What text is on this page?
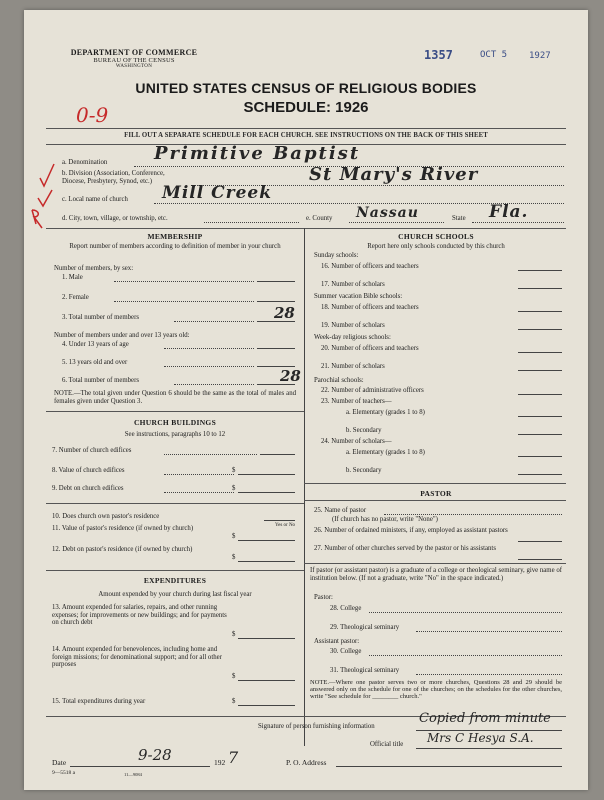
DEPARTMENT OF COMMERCE
BUREAU OF THE CENSUS
WASHINGTON
1357	OCT 5 1927
UNITED STATES CENSUS OF RELIGIOUS BODIES
SCHEDULE: 1926
0-9
FILL OUT A SEPARATE SCHEDULE FOR EACH CHURCH. SEE INSTRUCTIONS ON THE BACK OF THIS SHEET
a. Denomination	Primitive Baptist
b. Division (Association, Conference, Diocese, Presbytery, Synod, etc.)	St Mary's River
c. Local name of church Mill Creek
d. City, town, village, or township, etc.	e. County Nassau	State Fla.
MEMBERSHIP
Report number of members according to definition of member in your church
Number of members, by sex:
1. Male
2. Female
3. Total number of members	28
Number of members under and over 13 years old:
4. Under 13 years of age
5. 13 years old and over
6. Total number of members	28
NOTE.—The total given under Question 6 should be the same as the total of males and females given under Question 3.
CHURCH BUILDINGS
See instructions, paragraphs 10 to 12
7. Number of church edifices
8. Value of church edifices	$
9. Debt on church edifices	$
10. Does church own pastor's residence
Yes or No
11. Value of pastor's residence (if owned by church)
$
12. Debt on pastor's residence (if owned by church)
$
EXPENDITURES
Amount expended by your church during last fiscal year
13. Amount expended for salaries, repairs, and other running expenses; for improvements or new buildings; and for payments on church debt
$
14. Amount expended for benevolences, including home and foreign missions; for denominational support; and for all other purposes
$
15. Total expenditures during year	$
CHURCH SCHOOLS
Report here only schools conducted by this church
Sunday schools:
16. Number of officers and teachers
17. Number of scholars
Summer vacation Bible schools:
18. Number of officers and teachers
19. Number of scholars
Week-day religious schools:
20. Number of officers and teachers
21. Number of scholars
Parochial schools:
22. Number of administrative officers
23. Number of teachers—
a. Elementary (grades 1 to 8)
b. Secondary
24. Number of scholars—
a. Elementary (grades 1 to 8)
b. Secondary
PASTOR
25. Name of pastor
(If church has no pastor, write "None")
26. Number of ordained ministers, if any, employed as assistant pastors
27. Number of other churches served by the pastor or his assistants
If pastor (or assistant pastor) is a graduate of a college or theological seminary, give name of institution below. (If not a graduate, write "No" in the space indicated.)
Pastor:
28. College
29. Theological seminary
Assistant pastor:
30. College
31. Theological seminary
NOTE.—Where one pastor serves two or more churches, Questions 28 and 29 should be answered only on the schedule for one of the churches; on the schedules for the other churches, write "See schedule for ________ church."
Signature of person furnishing information
Copied from minute
Official title Mrs C Hesya S.A.
Date	9-28	192 7	P. O. Address
9—5518 a	11—9084
